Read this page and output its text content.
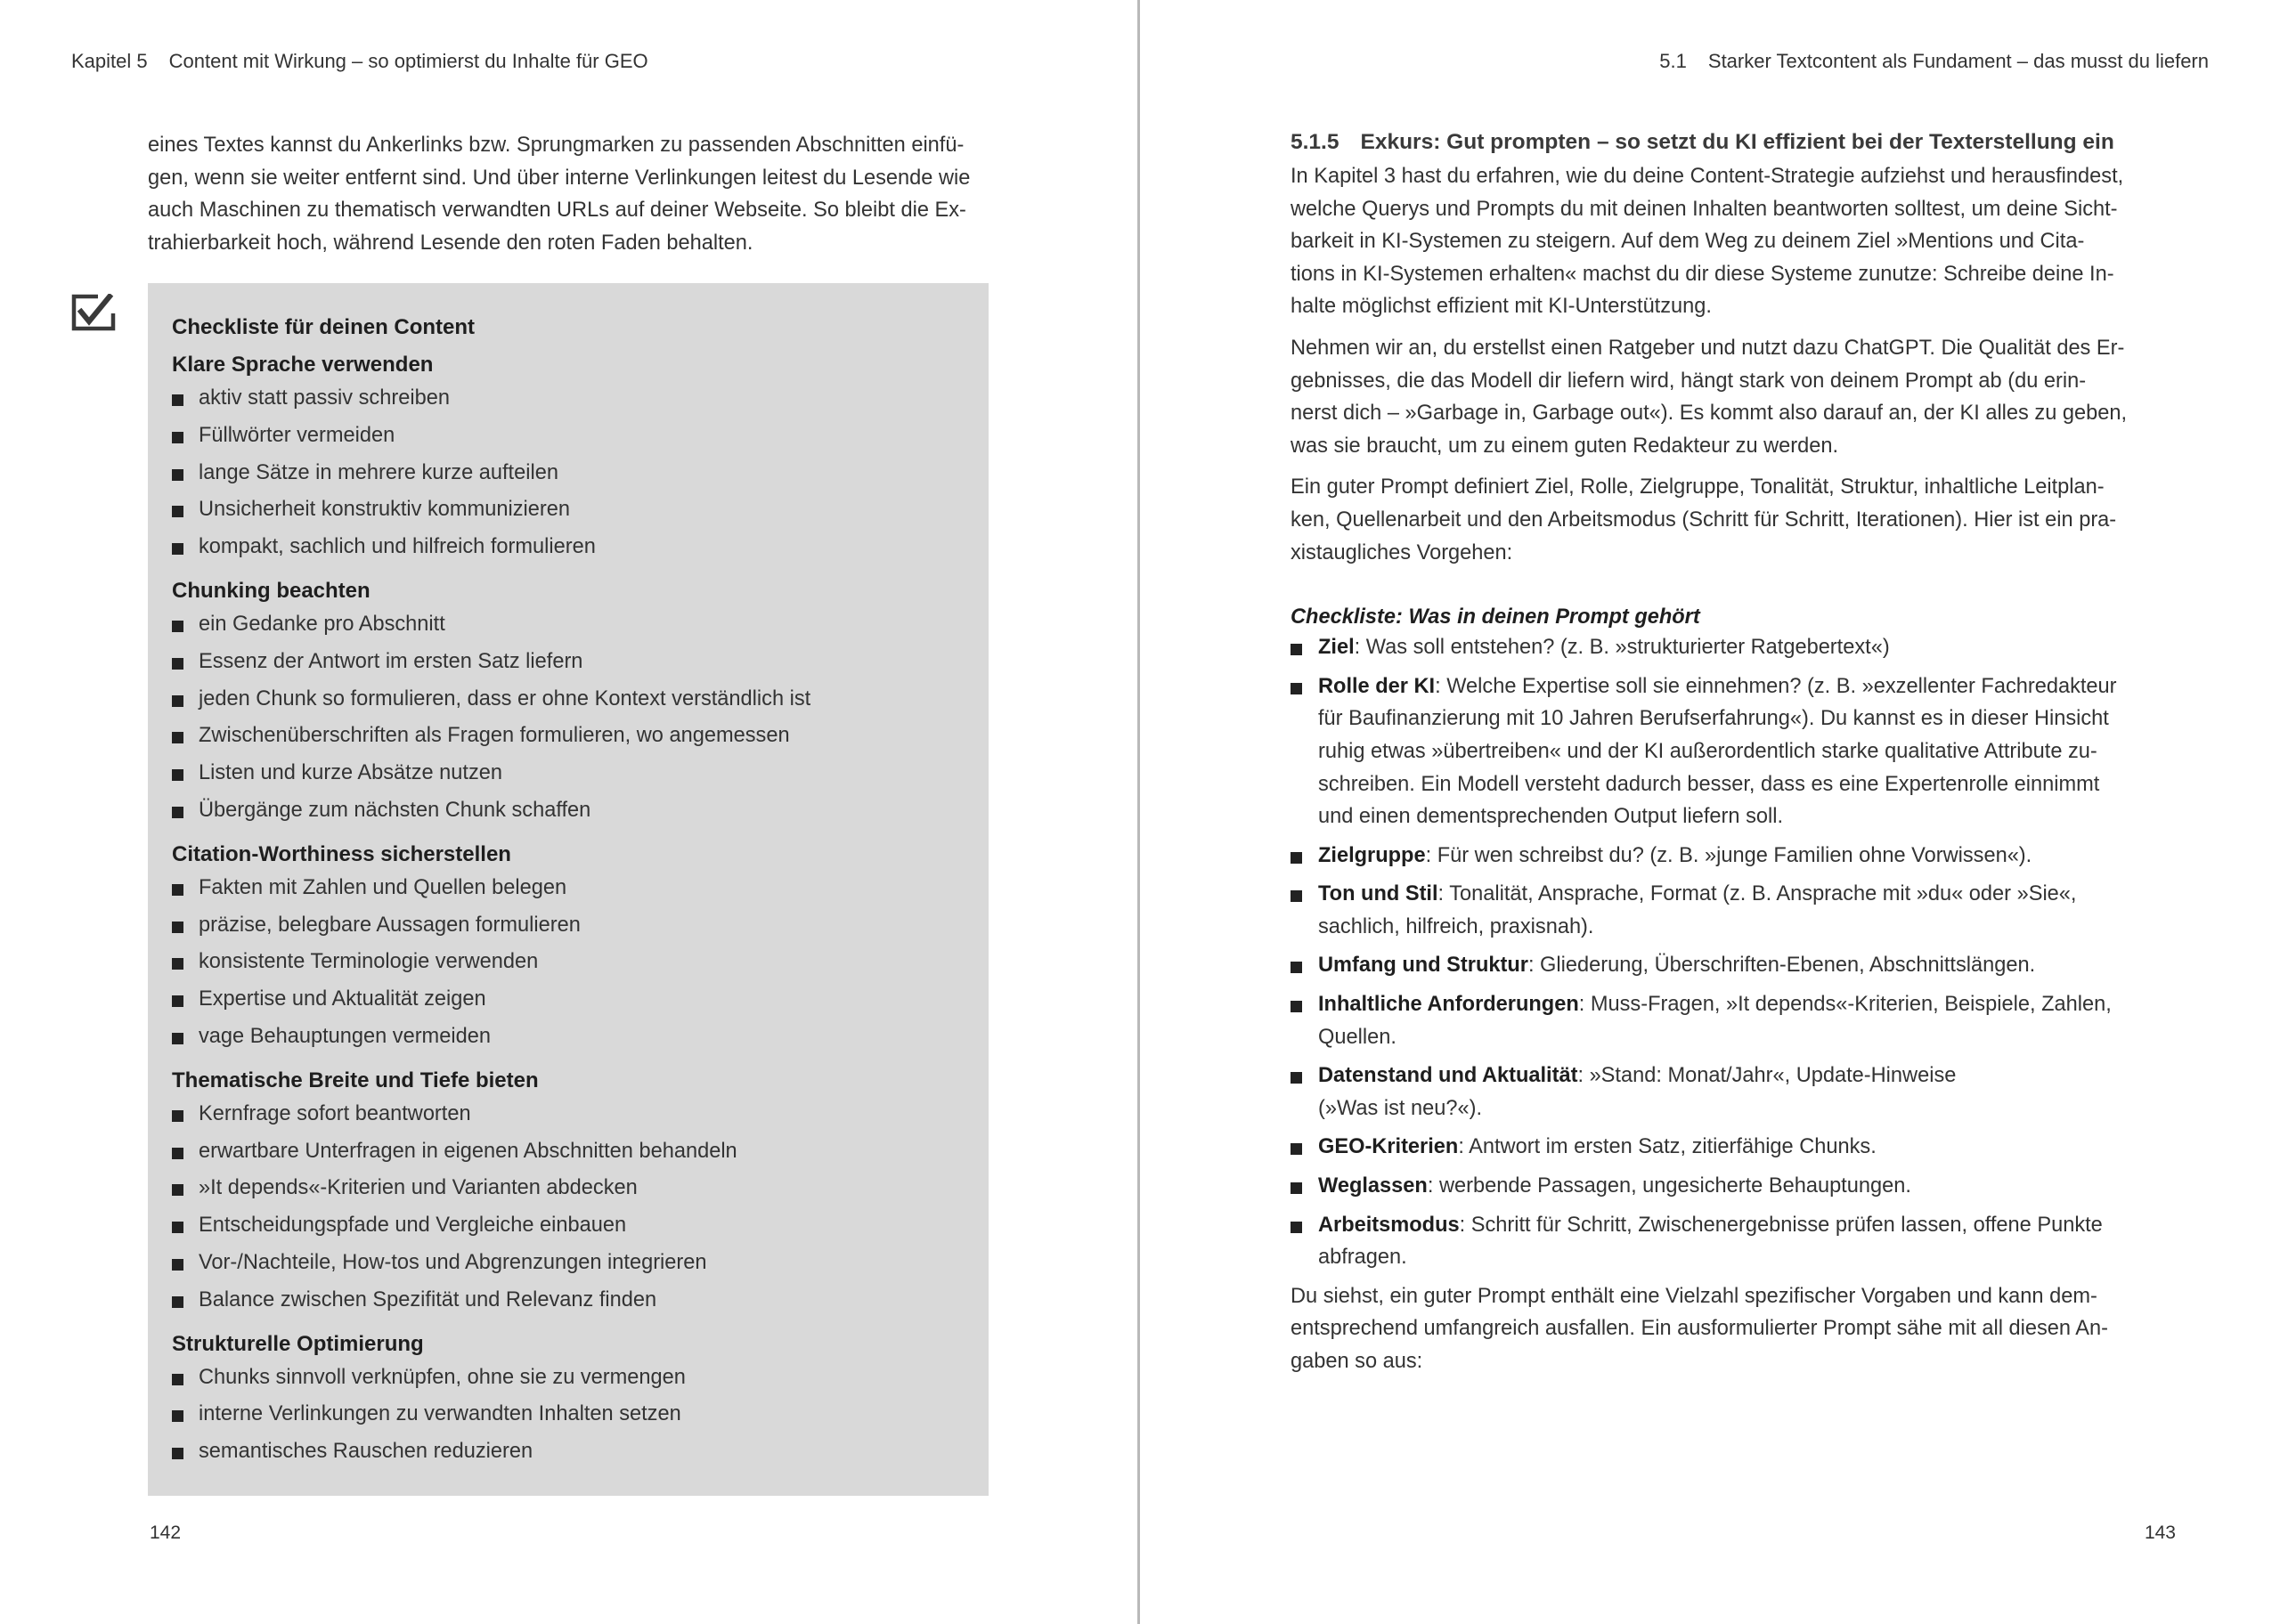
Kapitel 5 Content mit Wirkung – so optimierst du Inhalte für GEO

eines Textes kannst du Ankerlinks bzw. Sprungmarken zu passenden Abschnitten einfü-
gen, wenn sie weiter entfernt sind. Und über interne Verlinkungen leitest du Lesende wie
auch Maschinen zu thematisch verwandten URLs auf deiner Webseite. So bleibt die Ex-
trahierbarkeit hoch, während Lesende den roten Faden behalten.

Checkliste für deinen Content
Klare Sprache verwenden
aktiv statt passiv schreiben
Füllwörter vermeiden
lange Sätze in mehrere kurze aufteilen
Unsicherheit konstruktiv kommunizieren
kompakt, sachlich und hilfreich formulieren
Chunking beachten
ein Gedanke pro Abschnitt
Essenz der Antwort im ersten Satz liefern
jeden Chunk so formulieren, dass er ohne Kontext verständlich ist
Zwischenüberschriften als Fragen formulieren, wo angemessen
Listen und kurze Absätze nutzen
Übergänge zum nächsten Chunk schaffen
Citation-Worthiness sicherstellen
Fakten mit Zahlen und Quellen belegen
präzise, belegbare Aussagen formulieren
konsistente Terminologie verwenden
Expertise und Aktualität zeigen
vage Behauptungen vermeiden
Thematische Breite und Tiefe bieten
Kernfrage sofort beantworten
erwartbare Unterfragen in eigenen Abschnitten behandeln
»It depends«-Kriterien und Varianten abdecken
Entscheidungspfade und Vergleiche einbauen
Vor-/Nachteile, How-tos und Abgrenzungen integrieren
Balance zwischen Spezifität und Relevanz finden
Strukturelle Optimierung
Chunks sinnvoll verknüpfen, ohne sie zu vermengen
interne Verlinkungen zu verwandten Inhalten setzen
semantisches Rauschen reduzieren
142
5.1 Starker Textcontent als Fundament – das musst du liefern
5.1.5 Exkurs: Gut prompten – so setzt du KI effizient bei der Texterstellung ein

In Kapitel 3 hast du erfahren, wie du deine Content-Strategie aufziehst und herausfindest,
welche Querys und Prompts du mit deinen Inhalten beantworten solltest, um deine Sicht-
barkeit in KI-Systemen zu steigern. Auf dem Weg zu deinem Ziel »Mentions und Cita-
tions in KI-Systemen erhalten« machst du dir diese Systeme zunutze: Schreibe deine In-
halte möglichst effizient mit KI-Unterstützung.

Nehmen wir an, du erstellst einen Ratgeber und nutzt dazu ChatGPT. Die Qualität des Er-
gebnisses, die das Modell dir liefern wird, hängt stark von deinem Prompt ab (du erin-
nerst dich – »Garbage in, Garbage out«). Es kommt also darauf an, der KI alles zu geben,
was sie braucht, um zu einem guten Redakteur zu werden.

Ein guter Prompt definiert Ziel, Rolle, Zielgruppe, Tonalität, Struktur, inhaltliche Leitplan-
ken, Quellenarbeit und den Arbeitsmodus (Schritt für Schritt, Iterationen). Hier ist ein pra-
xistaugliches Vorgehen:

Checkliste: Was in deinen Prompt gehört
Ziel: Was soll entstehen? (z. B. »strukturierter Ratgebertext«)
Rolle der KI: Welche Expertise soll sie einnehmen? (z. B. »exzellenter Fachredakteur
für Baufinanzierung mit 10 Jahren Berufserfahrung«). Du kannst es in dieser Hinsicht
ruhig etwas »übertreiben« und der KI außerordentlich starke qualitative Attribute zu-
schreiben. Ein Modell versteht dadurch besser, dass es eine Expertenrolle einnimmt
und einen dementsprechenden Output liefern soll.
Zielgruppe: Für wen schreibst du? (z. B. »junge Familien ohne Vorwissen«).
Ton und Stil: Tonalität, Ansprache, Format (z. B. Ansprache mit »du« oder »Sie«,
sachlich, hilfreich, praxisnah).
Umfang und Struktur: Gliederung, Überschriften-Ebenen, Abschnittslängen.
Inhaltliche Anforderungen: Muss-Fragen, »It depends«-Kriterien, Beispiele, Zahlen,
Quellen.
Datenstand und Aktualität: »Stand: Monat/Jahr«, Update-Hinweise
(»Was ist neu?«).
GEO-Kriterien: Antwort im ersten Satz, zitierfähige Chunks.
Weglassen: werbende Passagen, ungesicherte Behauptungen.
Arbeitsmodus: Schritt für Schritt, Zwischenergebnisse prüfen lassen, offene Punkte
abfragen.

Du siehst, ein guter Prompt enthält eine Vielzahl spezifischer Vorgaben und kann dem-
entsprechend umfangreich ausfallen. Ein ausformulierter Prompt sähe mit all diesen An-
gaben so aus:

143
